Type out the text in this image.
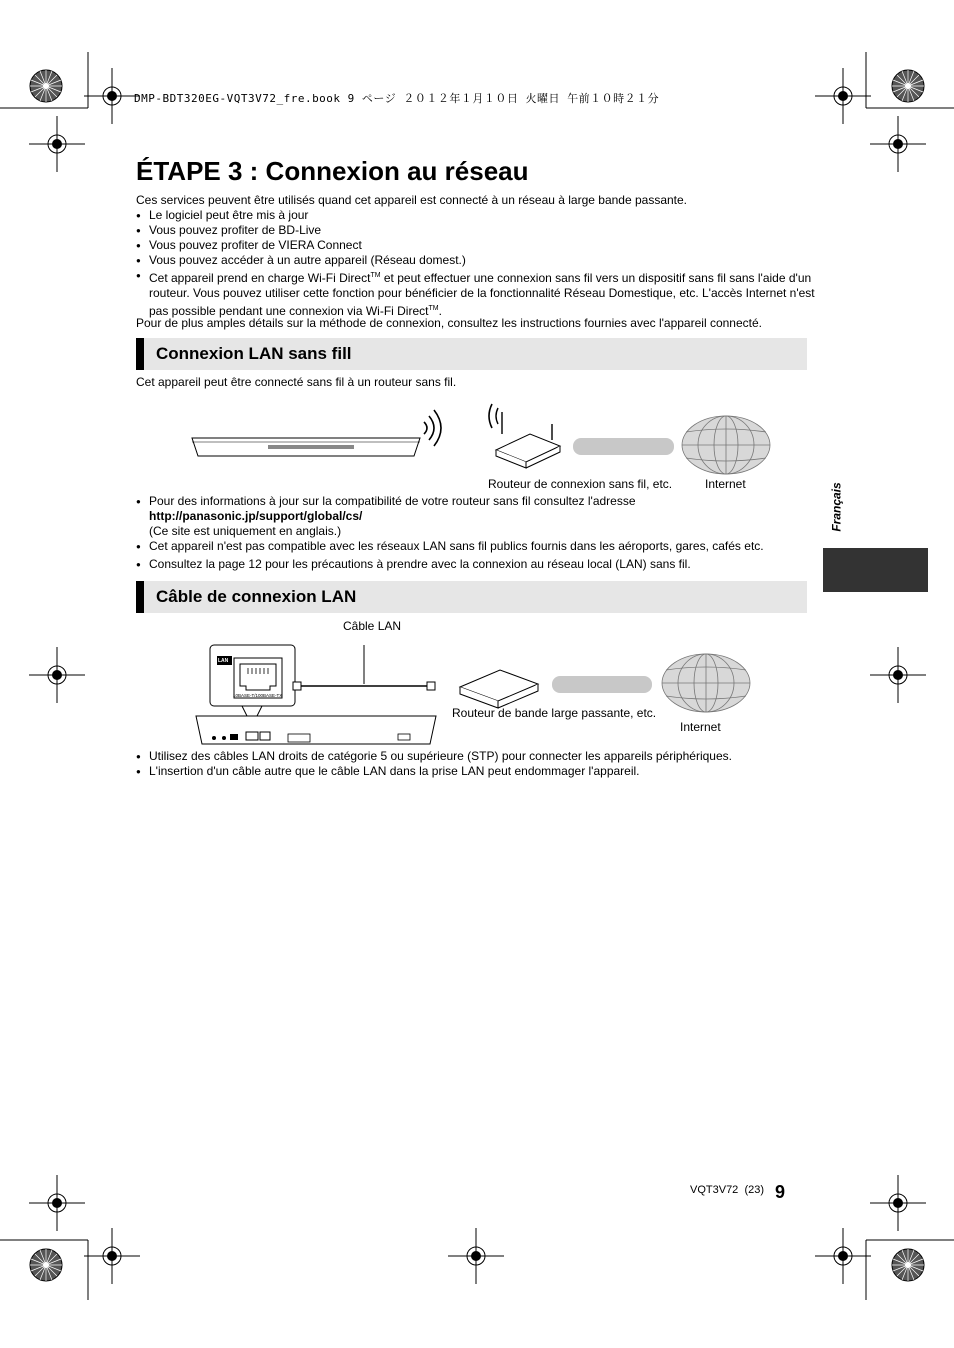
DMP-BDT320EG-VQT3V72_fre.book 9 ページ ２０１２年１月１０日 火曜日 午前１０時２１分
ÉTAPE 3 : Connexion au réseau
Ces services peuvent être utilisés quand cet appareil est connecté à un réseau à large bande passante.
● Le logiciel peut être mis à jour
● Vous pouvez profiter de BD-Live
● Vous pouvez profiter de VIERA Connect
● Vous pouvez accéder à un autre appareil (Réseau domest.)
● Cet appareil prend en charge Wi-Fi Direct™ et peut effectuer une connexion sans fil vers un dispositif sans fil sans l'aide d'un routeur. Vous pouvez utiliser cette fonction pour bénéficier de la fonctionnalité Réseau Domestique, etc. L'accès Internet n'est pas possible pendant une connexion via Wi-Fi Direct™.
Pour de plus amples détails sur la méthode de connexion, consultez les instructions fournies avec l'appareil connecté.
Connexion LAN sans fill
Cet appareil peut être connecté sans fil à un routeur sans fil.
Routeur de connexion sans fil, etc.	Internet
● Pour des informations à jour sur la compatibilité de votre routeur sans fil consultez l'adresse
http://panasonic.jp/support/global/cs/
(Ce site est uniquement en anglais.)
● Cet appareil n'est pas compatible avec les réseaux LAN sans fil publics fournis dans les aéroports, gares, cafés etc.
● Consultez la page 12 pour les précautions à prendre avec la connexion au réseau local (LAN) sans fil.
Câble de connexion LAN
Câble LAN
LAN
10BASE-T/100BASE-TX
Routeur de bande large passante, etc.
Internet
● Utilisez des câbles LAN droits de catégorie 5 ou supérieure (STP) pour connecter les appareils périphériques.
● L'insertion d'un câble autre que le câble LAN dans la prise LAN peut endommager l'appareil.
Français
VQT3V72 (23) 9
